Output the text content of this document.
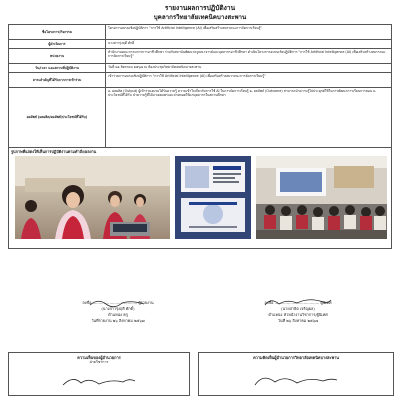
รายงานผลการปฏิบัติงาน
บุคลากรวิทยาลัยเทคนิคบางสะพาน
ชื่อโครงการ/กิจกรรม	โครงการอบรมเชิงปฏิบัติการ "การใช้ Artificial Intelligence (AI) เพื่อเสริมสร้างสมรรถนะการจัดการเรียนรู้"
ผู้ดำเนินการ	นางสาวรุ่งฤดี ศักดิ์
หน่วยงาน	สำนักงานคณะกรรมการการอาชีวศึกษา ร่วมกับสถาบันพัฒนาครูคณาจารย์และบุคลากรอาชีวศึกษา ดำเนินโครงการอบรมเชิงปฏิบัติการ "การใช้ Artificial Intelligence (AI) เพื่อเสริมสร้างสมรรถนะการจัดการเรียนรู้"
วัน/เวลา และสถานที่ปฏิบัติงาน	วันที่ ๒๑ สิงหาคม ๒๕๖๗ ณ ห้องประชุมวิทยาลัยเทคนิคบางสะพาน
สาระสำคัญที่ได้รับจากการเข้าร่วม	เข้าร่วมการอบรมเชิงปฏิบัติการ "การใช้ Artificial Intelligence (AI) เพื่อเสริมสร้างสมรรถนะการจัดการเรียนรู้"
ผลลัพธ์ (ผลผลิต/ผลลัพธ์/ประโยชน์ที่ได้รับ)	๑. ผลผลิต (Output) ผู้เข้าร่วมอบรมได้รับความรู้ ความเข้าใจเกี่ยวกับการใช้ AI ในการจัดการเรียนรู้ ๒. ผลลัพธ์ (Outcome) สามารถนำความรู้ไปประยุกต์ใช้ในการพัฒนาการเรียนการสอน ๓. ประโยชน์ที่ได้รับ นำความรู้ที่ได้มาเผยแพร่และถ่ายทอดให้แก่บุคลากรในสถานศึกษา
รูปภาพที่แสดงให้เห็นการปฏิบัติงานตามคำสั่ง/ผลงาน
ลงชื่อ ..................................... ผู้รายงาน
(นางสาวรุ่งฤดี ศักดิ์)
ตำแหน่ง ครู
วันที่รายงาน ๒๖ สิงหาคม ๒๕๖๗
ลงชื่อ ..................................... ผู้นิเทศ
(นายสาธิต เจริญผล)
ตำแหน่ง หัวหน้างานวิชาการ/ผู้นิเทศ
วันที่ ๒๖ สิงหาคม ๒๕๖๗
ความเห็นของผู้อำนวยการ
ฝ่ายวิชาการ
ความคิดเห็นผู้อำนวยการวิทยาลัยเทคนิคบางสะพาน
